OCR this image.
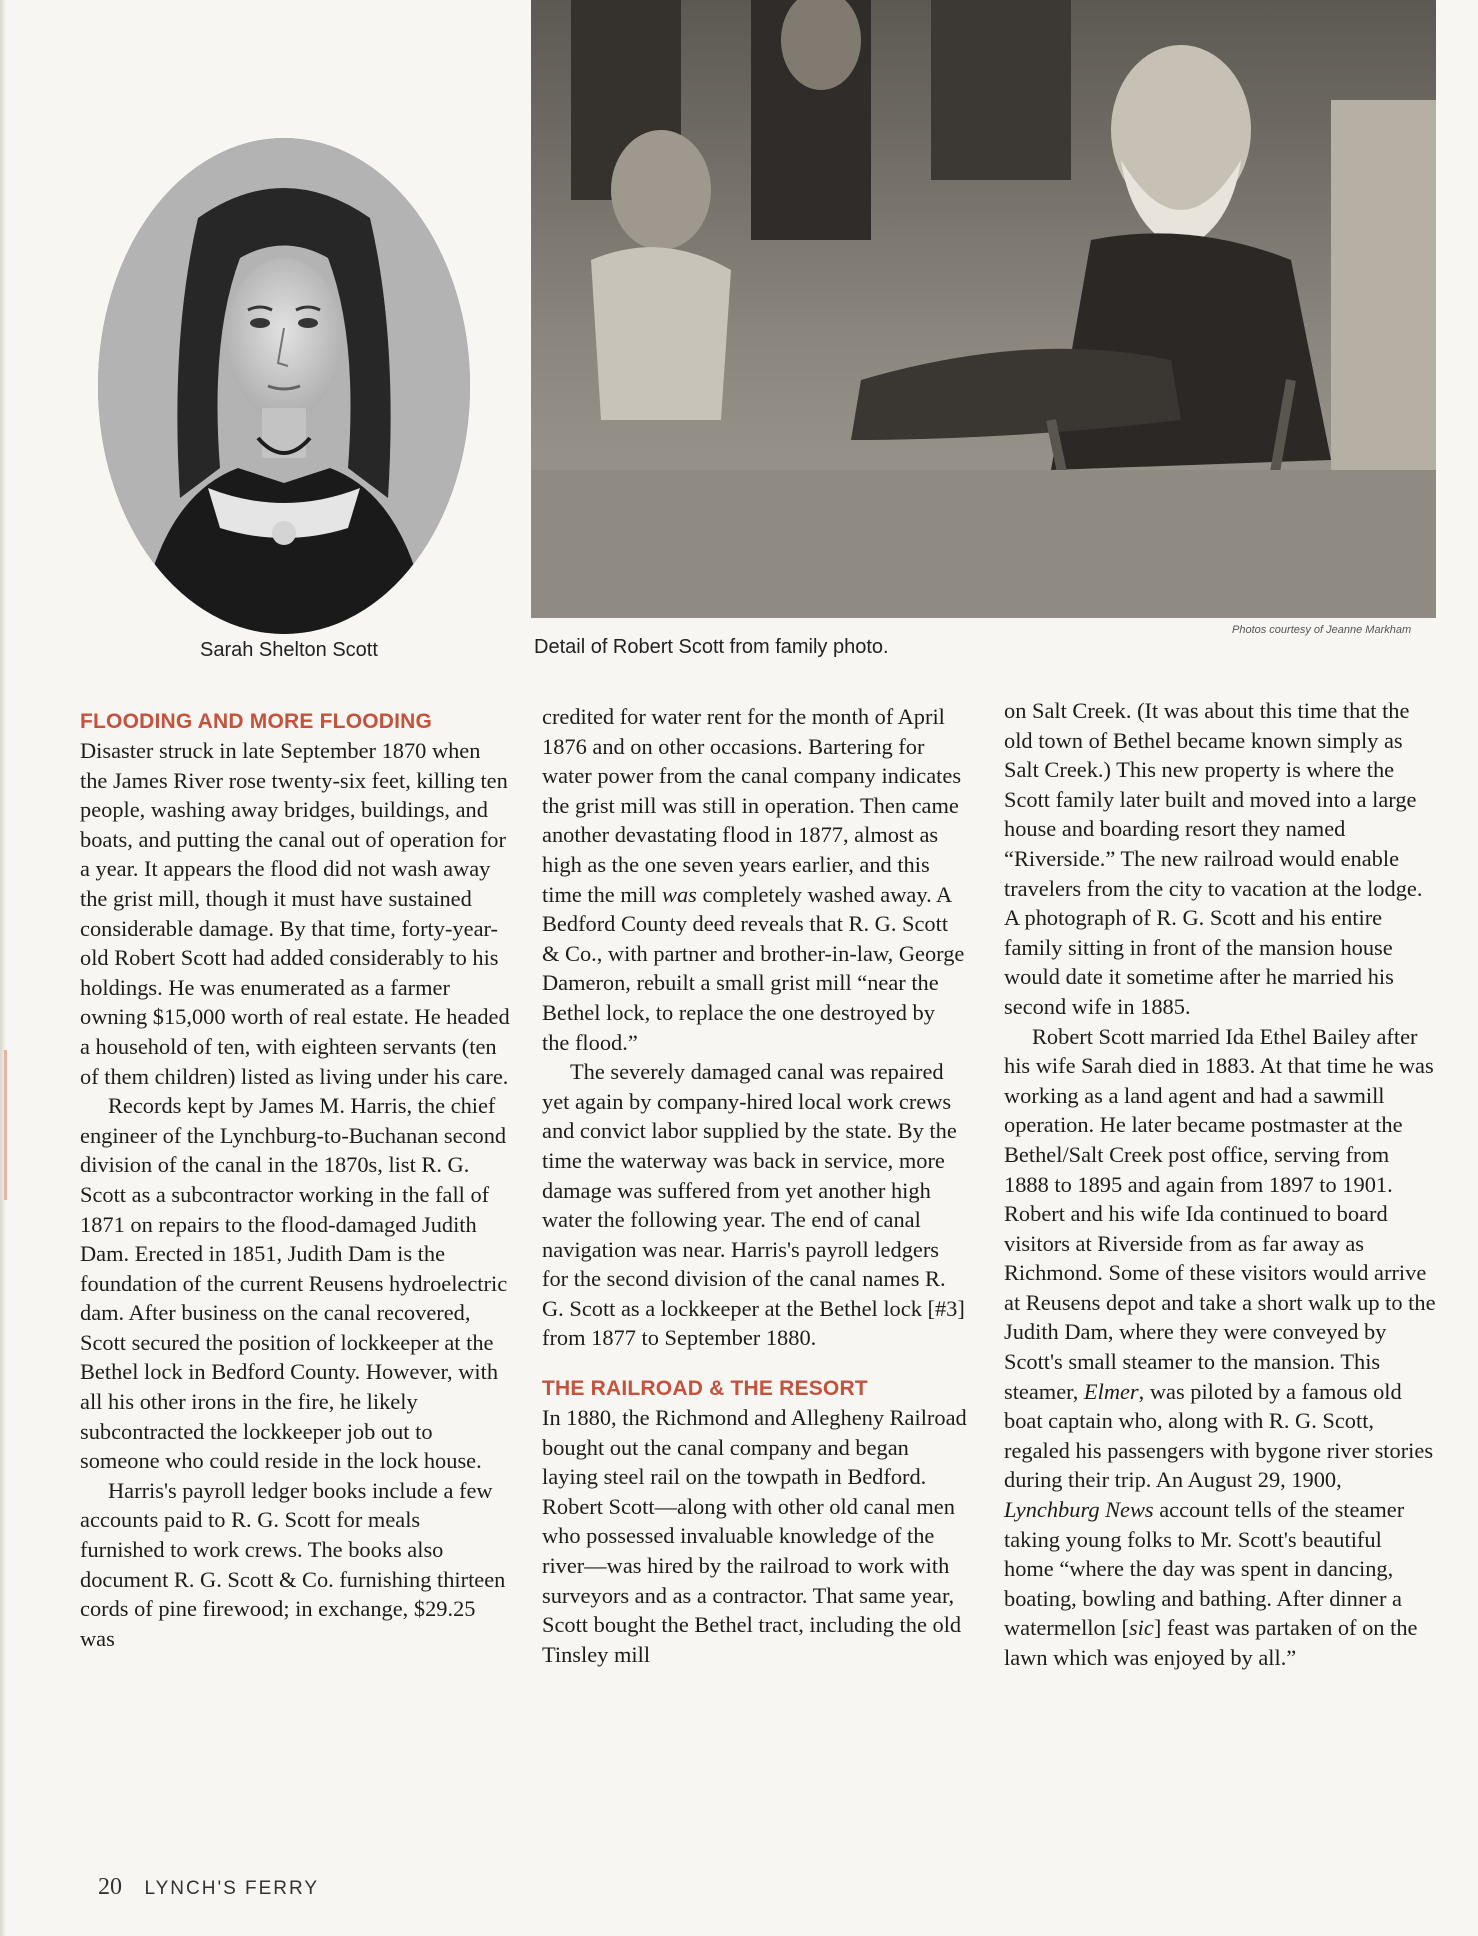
Sarah Shelton Scott	Detail of Robert Scott from family photo.
Photos courtesy of Jeanne Markham

FLOODING AND MORE FLOODING

Disaster struck in late September 1870 when the James River rose twenty-six feet, killing ten people, washing away bridges, buildings, and boats, and putting the canal out of operation for a year. It appears the flood did not wash away the grist mill, though it must have sustained considerable damage. By that time, forty-year-old Robert Scott had added considerably to his holdings. He was enumerated as a farmer owning $15,000 worth of real estate. He headed a household of ten, with eighteen servants (ten of them children) listed as living under his care.

Records kept by James M. Harris, the chief engineer of the Lynchburg-to-Buchanan second division of the canal in the 1870s, list R. G. Scott as a subcontractor working in the fall of 1871 on repairs to the flood-damaged Judith Dam. Erected in 1851, Judith Dam is the foundation of the current Reusens hydroelectric dam. After business on the canal recovered, Scott secured the position of lockkeeper at the Bethel lock in Bedford County. However, with all his other irons in the fire, he likely subcontracted the lockkeeper job out to someone who could reside in the lock house.

Harris's payroll ledger books include a few accounts paid to R. G. Scott for meals furnished to work crews. The books also document R. G. Scott & Co. furnishing thirteen cords of pine firewood; in exchange, $29.25 was

credited for water rent for the month of April 1876 and on other occasions. Bartering for water power from the canal company indicates the grist mill was still in operation. Then came another devastating flood in 1877, almost as high as the one seven years earlier, and this time the mill was completely washed away. A Bedford County deed reveals that R. G. Scott & Co., with partner and brother-in-law, George Dameron, rebuilt a small grist mill “near the Bethel lock, to replace the one destroyed by the flood.”

The severely damaged canal was repaired yet again by company-hired local work crews and convict labor supplied by the state. By the time the waterway was back in service, more damage was suffered from yet another high water the following year. The end of canal navigation was near. Harris's payroll ledgers for the second division of the canal names R. G. Scott as a lockkeeper at the Bethel lock [#3] from 1877 to September 1880.

THE RAILROAD & THE RESORT

In 1880, the Richmond and Allegheny Railroad bought out the canal company and began laying steel rail on the towpath in Bedford. Robert Scott—along with other old canal men who possessed invaluable knowledge of the river—was hired by the railroad to work with surveyors and as a contractor. That same year, Scott bought the Bethel tract, including the old Tinsley mill

on Salt Creek. (It was about this time that the old town of Bethel became known simply as Salt Creek.) This new property is where the Scott family later built and moved into a large house and boarding resort they named “Riverside.” The new railroad would enable travelers from the city to vacation at the lodge. A photograph of R. G. Scott and his entire family sitting in front of the mansion house would date it sometime after he married his second wife in 1885.

Robert Scott married Ida Ethel Bailey after his wife Sarah died in 1883. At that time he was working as a land agent and had a sawmill operation. He later became postmaster at the Bethel/Salt Creek post office, serving from 1888 to 1895 and again from 1897 to 1901. Robert and his wife Ida continued to board visitors at Riverside from as far away as Richmond. Some of these visitors would arrive at Reusens depot and take a short walk up to the Judith Dam, where they were conveyed by Scott's small steamer to the mansion. This steamer, Elmer, was piloted by a famous old boat captain who, along with R. G. Scott, regaled his passengers with bygone river stories during their trip. An August 29, 1900, Lynchburg News account tells of the steamer taking young folks to Mr. Scott's beautiful home “where the day was spent in dancing, boating, bowling and bathing. After dinner a watermellon [sic] feast was partaken of on the lawn which was enjoyed by all.”

20 LYNCH'S FERRY
